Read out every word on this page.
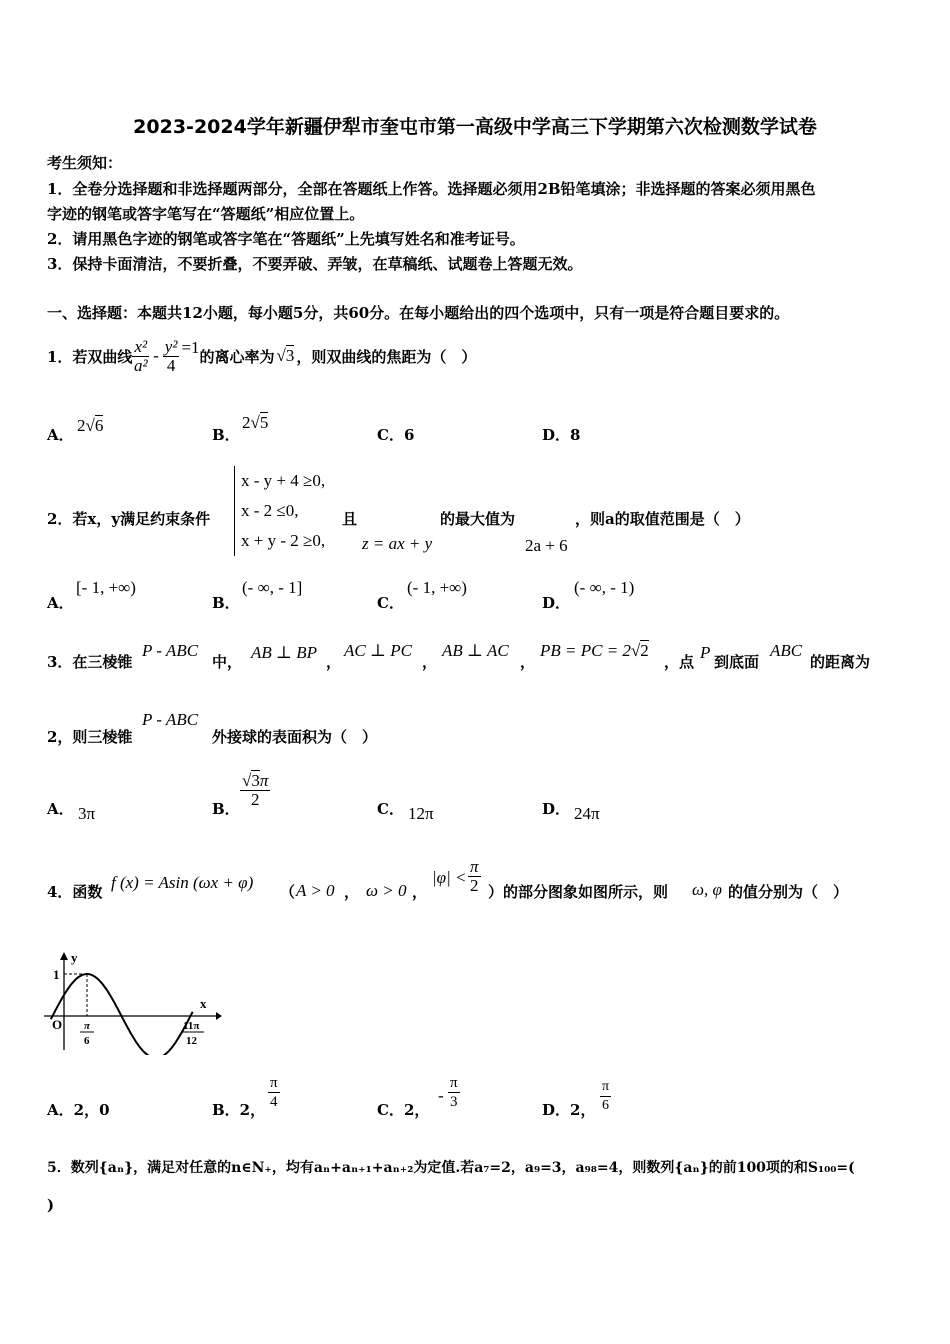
2023-2024学年新疆伊犁市奎屯市第一高级中学高三下学期第六次检测数学试卷
考生须知：
1．全卷分选择题和非选择题两部分，全部在答题纸上作答。选择题必须用2B铅笔填涂；非选择题的答案必须用黑色
字迹的钢笔或答字笔写在“答题纸”相应位置上。
2．请用黑色字迹的钢笔或答字笔在“答题纸”上先填写姓名和准考证号。
3．保持卡面清洁，不要折叠，不要弄破、弄皱，在草稿纸、试题卷上答题无效。
一、选择题：本题共12小题，每小题5分，共60分。在每小题给出的四个选项中，只有一项是符合题目要求的。
1．若双曲线 $\frac{\text{x²}}{\text{a²}} - \frac{\text{y²}}{4} =1$ 的离心率为 √3 ，则双曲线的焦距为（　）
A． 2√6	B．
2√5
C．6	D．8
2．若x，y满足约束条件
x - y + 4 ≥0,
x - 2 ≤0,
x + y - 2 ≥0,
且
z = ax + y
的最大值为
2a + 6
，则a的取值范围是（　）
A．
[- 1, +∞)
B．
(- ∞, - 1]
C．
(- 1, +∞)
D．
(- ∞, - 1)
3．在三棱锥
P - ABC
中， AB ⊥ BP ，
AC ⊥ PC
，
AB ⊥ AC
，
PB = PC = 2√2
，点 P 到底面
ABC
的距离为
2，则三棱锥
P - ABC
外接球的表面积为（　）
A． 3π	B． $\frac{√3\pi}{2}$	C． 12π	D． 24π
4．函数 f (x) = Asin (ωx + φ) （ A > 0 ， ω > 0 ，
$|\varphi| < \frac{\pi}{2}$ ）的部分图象如图所示，则 ω, φ 的值分别为（　）
y
x
1
O π
6
11π
12
A．2，0	B．2， $\frac{\pi}{4}$	C．2，
- $\frac{\pi}{3}$	D．2， $\frac{\pi}{6}$
5．数列{aₙ}，满足对任意的n∈N₊，均有aₙ+aₙ₊₁+aₙ₊₂为定值.若a₇=2，a₉=3，a₉₈=4，则数列{aₙ}的前100项的和S₁₀₀=(
)
